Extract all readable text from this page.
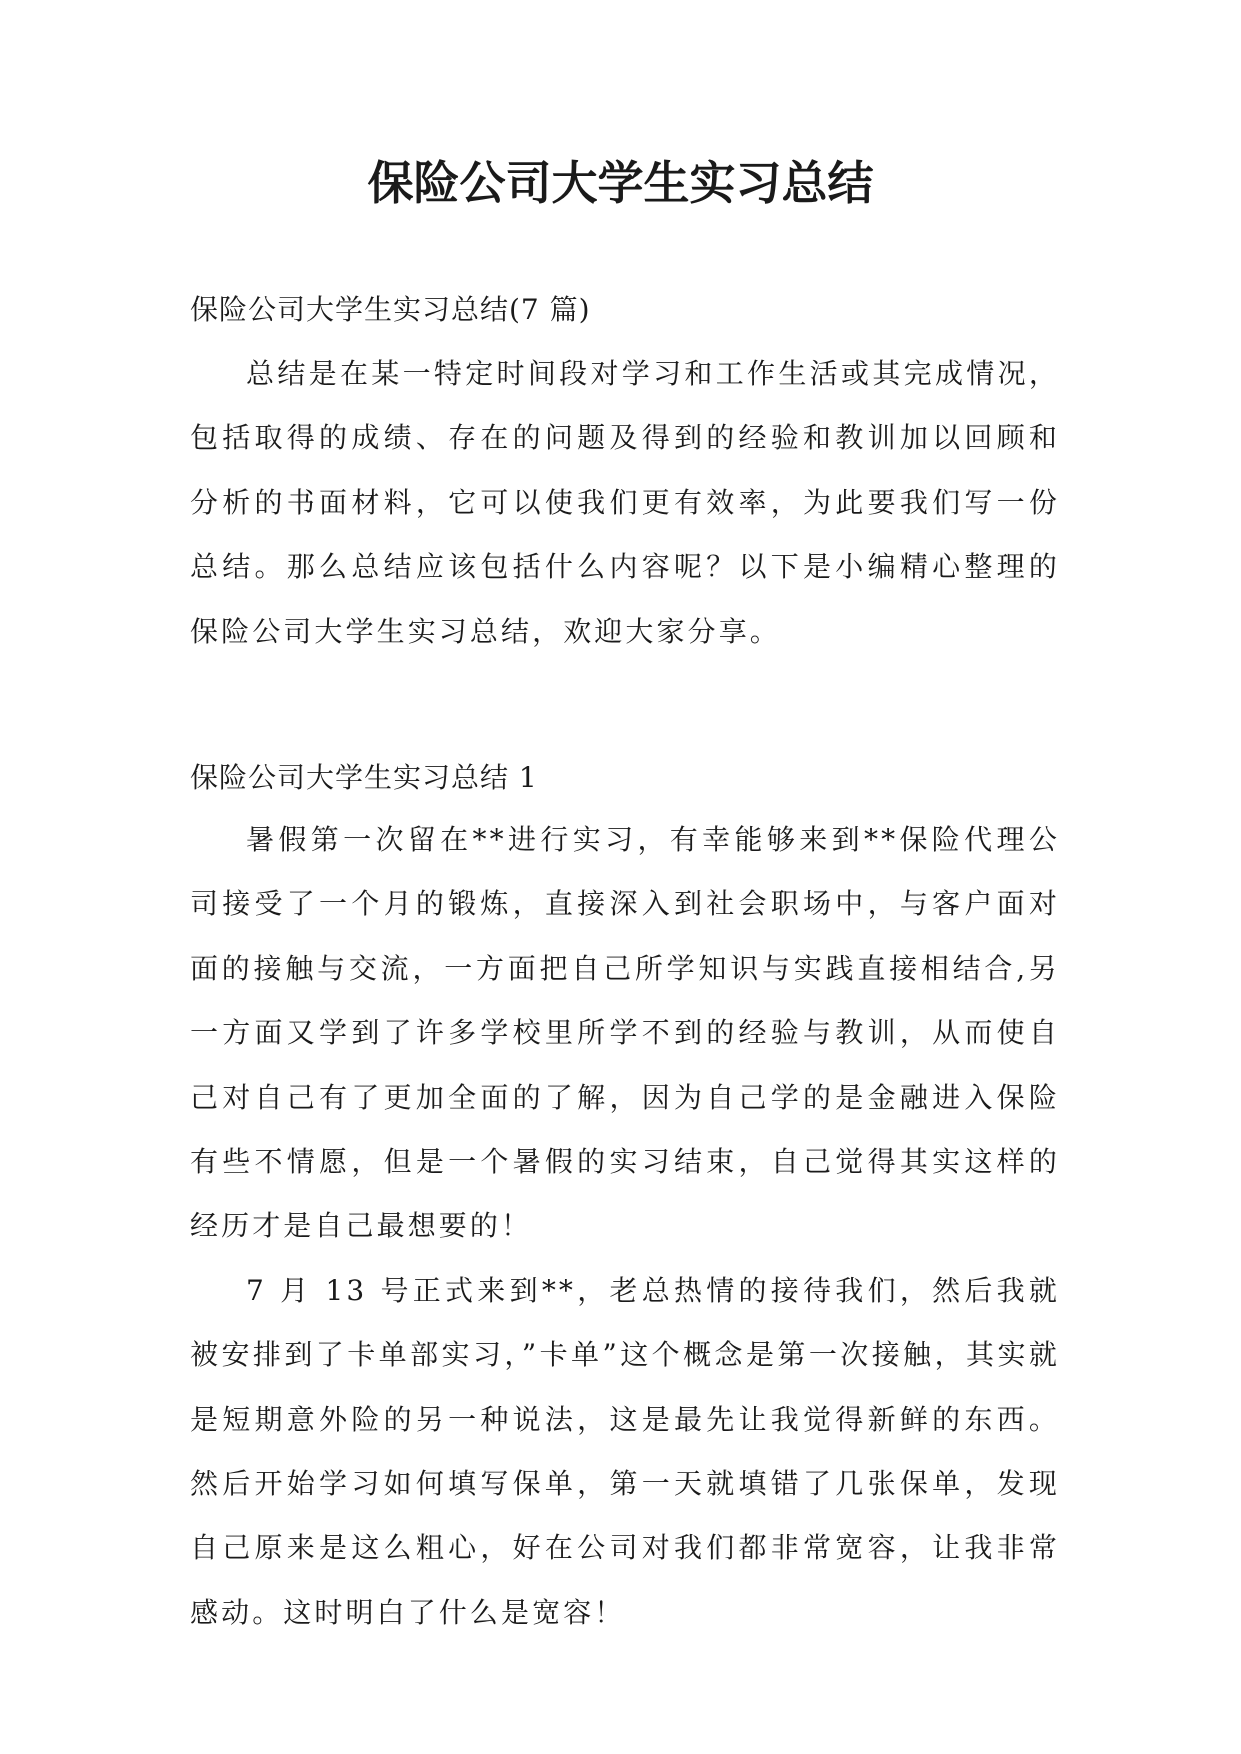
保险公司大学生实习总结
保险公司大学生实习总结(7 篇)

总结是在某一特定时间段对学习和工作生活或其完成情况，包括取得的成绩、存在的问题及得到的经验和教训加以回顾和分析的书面材料，它可以使我们更有效率，为此要我们写一份总结。那么总结应该包括什么内容呢？以下是小编精心整理的保险公司大学生实习总结，欢迎大家分享。

保险公司大学生实习总结 1

暑假第一次留在**进行实习，有幸能够来到**保险代理公司接受了一个月的锻炼，直接深入到社会职场中，与客户面对面的接触与交流，一方面把自己所学知识与实践直接相结合,另一方面又学到了许多学校里所学不到的经验与教训，从而使自己对自己有了更加全面的了解，因为自己学的是金融进入保险有些不情愿，但是一个暑假的实习结束，自己觉得其实这样的经历才是自己最想要的！

7 月 13 号正式来到**，老总热情的接待我们，然后我就被安排到了卡单部实习，”卡单”这个概念是第一次接触，其实就是短期意外险的另一种说法，这是最先让我觉得新鲜的东西。然后开始学习如何填写保单，第一天就填错了几张保单，发现自己原来是这么粗心，好在公司对我们都非常宽容，让我非常感动。这时明白了什么是宽容！
